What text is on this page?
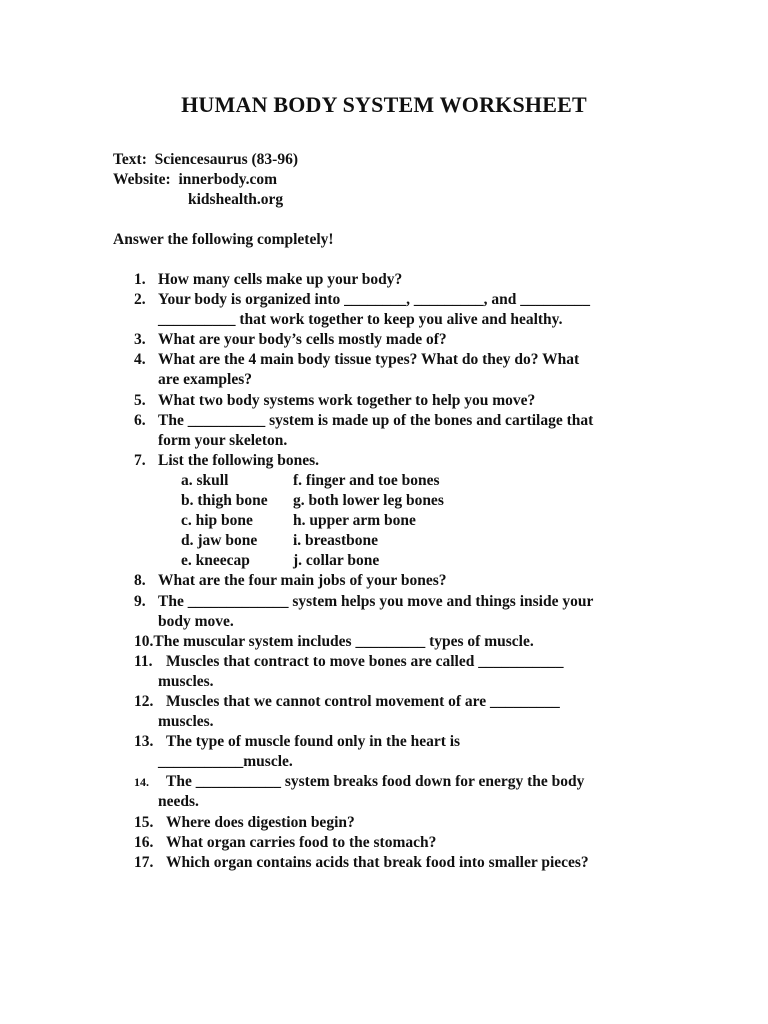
HUMAN BODY SYSTEM WORKSHEET
Text: Sciencesaurus (83-96)
Website: innerbody.com
kidshealth.org
Answer the following completely!
1. How many cells make up your body?
2. Your body is organized into ________, _________, and _________
__________ that work together to keep you alive and healthy.
3. What are your body’s cells mostly made of?
4. What are the 4 main body tissue types? What do they do? What
are examples?
5. What two body systems work together to help you move?
6. The __________ system is made up of the bones and cartilage that
form your skeleton.
7. List the following bones.
a. skull	f. finger and toe bones
b. thigh bone g. both lower leg bones
c. hip bone	h. upper arm bone
d. jaw bone i. breastbone
e. kneecap	j. collar bone
8. What are the four main jobs of your bones?
9. The _____________ system helps you move and things inside your
body move.
10.The muscular system includes _________ types of muscle.
11. Muscles that contract to move bones are called ___________
muscles.
12. Muscles that we cannot control movement of are _________
muscles.
13. The type of muscle found only in the heart is
___________muscle.
14.	The ___________ system breaks food down for energy the body
needs.
15. Where does digestion begin?
16. What organ carries food to the stomach?
17. Which organ contains acids that break food into smaller pieces?
